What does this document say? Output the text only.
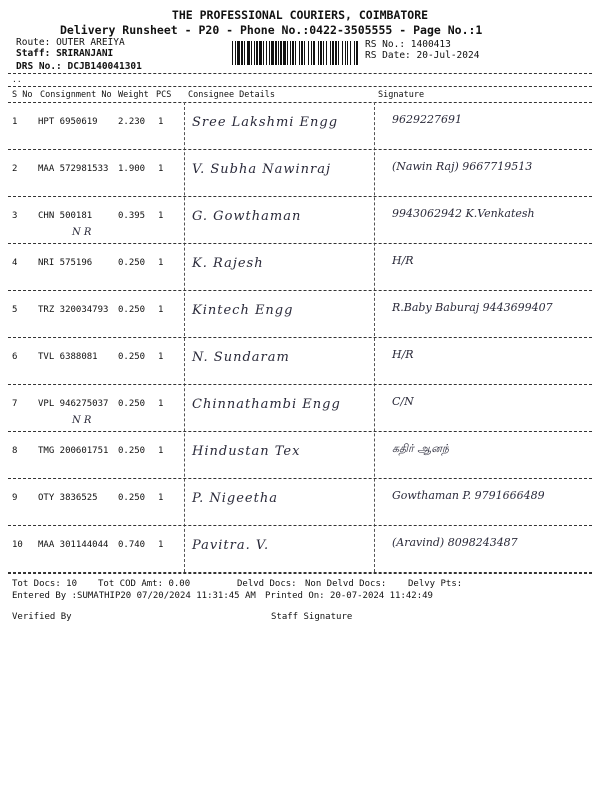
THE PROFESSIONAL COURIERS, COIMBATORE
Delivery Runsheet - P20 - Phone No.:0422-3505555 - Page No.:1
Route: OUTER AREIYA
Staff: SRIRANJANI
DRS No.: DCJB140041301
RS No.: 1400413
RS Date: 20-Jul-2024
..
S No Consignment No Weight PCS Consignee Details	Signature
1 HPT 6950619 2.230 1 Sree Lakshmi Engg	9629227691
2 MAA 572981533 1.900 1 V. Subha Nawinraj	(Nawin Raj) 9667719513
3 CHN 500181	0.395 1 G. Gowthaman	9943062942 K.Venkatesh
N R
4 NRI 575196	0.250 1 K. Rajesh	H/R
5 TRZ 320034793 0.250 1 Kintech Engg	R.Baby Baburaj 9443699407
6 TVL 6388081 0.250 1 N. Sundaram	H/R
7 VPL 946275037 0.250 1 Chinnathambi Engg	C/N
N R
8 TMG 200601751 0.250 1 Hindustan Tex	கதிர் ஆனந்
9 OTY 3836525 0.250 1 P. Nigeetha	Gowthaman P. 9791666489
10 MAA 301144044 0.740 1 Pavitra. V.	(Aravind) 8098243487
Tot Docs: 10 Tot COD Amt: 0.00	Delvd Docs: Non Delvd Docs: Delvy Pts:
Entered By :SUMATHIP20 07/20/2024 11:31:45 AM Printed On: 20-07-2024 11:42:49
Verified By	Staff Signature
